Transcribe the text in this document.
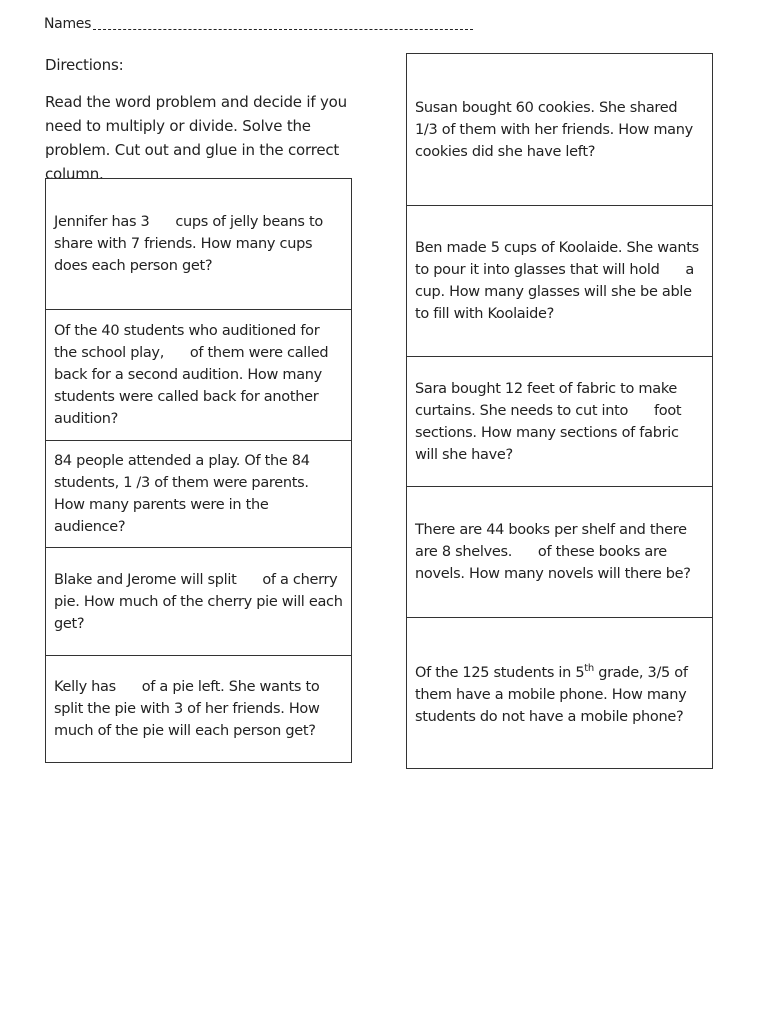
Names
Directions:
Read the word problem and decide if you need to multiply or divide. Solve the problem. Cut out and glue in the correct column.
Jennifer has 3      cups of jelly beans to share with 7 friends. How many cups does each person get?
Of the 40 students who auditioned for the school play,      of them were called back for a second audition. How many students were called back for another audition?
84 people attended a play. Of the 84 students, 1 /3 of them were parents. How many parents were in the audience?
Blake and Jerome will split      of a cherry pie. How much of the cherry pie will each get?
Kelly has      of a pie left. She wants to split the pie with 3 of her friends. How much of the pie will each person get?
Susan bought 60 cookies. She shared 1/3 of them with her friends. How many cookies did she have left?
Ben made 5 cups of Koolaide. She wants to pour it into glasses that will hold      a cup. How many glasses will she be able to fill with Koolaide?
Sara bought 12 feet of fabric to make curtains. She needs to cut into      foot sections. How many sections of fabric will she have?
There are 44 books per shelf and there are 8 shelves.      of these books are novels. How many novels will there be?
Of the 125 students in 5th grade, 3/5 of them have a mobile phone. How many students do not have a mobile phone?
